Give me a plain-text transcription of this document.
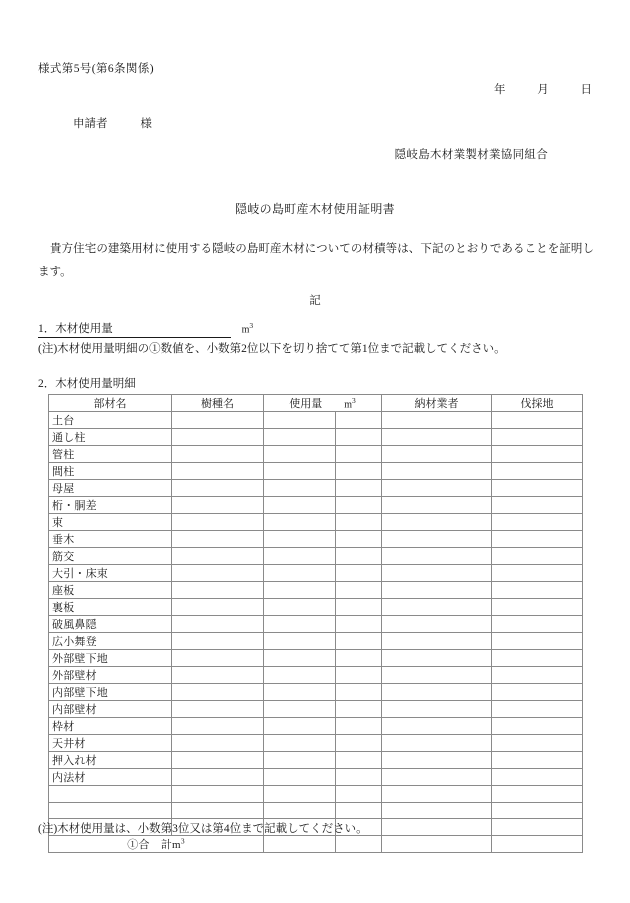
様式第5号(第6条関係)
年	月	日
申請者	様
隠岐島木材業製材業協同組合
隠岐の島町産木材使用証明書
貴方住宅の建築用材に使用する隠岐の島町産木材についての材積等は、下記のとおりであることを証明します。
記
1．木材使用量	$m^3$
(注)木材使用量明細の①数値を、小数第2位以下を切り捨てて第1位まで記載してください。
2．木材使用量明細
部材名	樹種名	使用量 $m^3$		納材業者	伐採地
土台					
通し柱					
管柱					
間柱					
母屋					
桁・胴差					
束					
垂木					
筋交					
大引・床束					
座板					
裏板					
破風鼻隠					
広小舞登					
外部壁下地					
外部壁材					
内部壁下地					
内部壁材					
枠材					
天井材					
押入れ材					
内法材					

①合　計$m^3$				
(注)木材使用量は、小数第3位又は第4位まで記載してください。
